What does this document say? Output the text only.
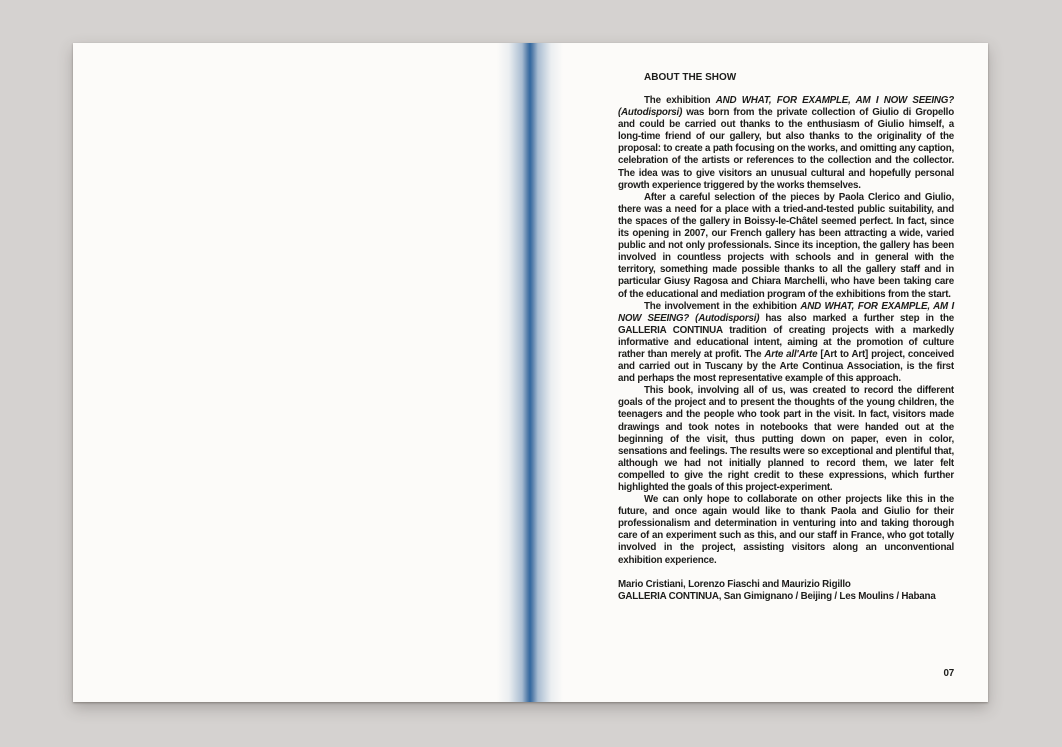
ABOUT THE SHOW

The exhibition AND WHAT, FOR EXAMPLE, AM I NOW SEEING? (Autodisporsi) was born from the private collection of Giulio di Gropello and could be carried out thanks to the enthusiasm of Giulio himself, a long-time friend of our gallery, but also thanks to the originality of the proposal: to create a path focusing on the works, and omitting any caption, celebration of the artists or references to the collection and the collector. The idea was to give visitors an unusual cultural and hopefully personal growth experience triggered by the works themselves.

After a careful selection of the pieces by Paola Clerico and Giulio, there was a need for a place with a tried-and-tested public suitability, and the spaces of the gallery in Boissy-le-Châtel seemed perfect. In fact, since its opening in 2007, our French gallery has been attracting a wide, varied public and not only professionals. Since its inception, the gallery has been involved in countless projects with schools and in general with the territory, something made possible thanks to all the gallery staff and in particular Giusy Ragosa and Chiara Marchelli, who have been taking care of the educational and mediation program of the exhibitions from the start.

The involvement in the exhibition AND WHAT, FOR EXAMPLE, AM I NOW SEEING? (Autodisporsi) has also marked a further step in the GALLERIA CONTINUA tradition of creating projects with a markedly informative and educational intent, aiming at the promotion of culture rather than merely at profit. The Arte all'Arte [Art to Art] project, conceived and carried out in Tuscany by the Arte Continua Association, is the first and perhaps the most representative example of this approach.

This book, involving all of us, was created to record the different goals of the project and to present the thoughts of the young children, the teenagers and the people who took part in the visit. In fact, visitors made drawings and took notes in notebooks that were handed out at the beginning of the visit, thus putting down on paper, even in color, sensations and feelings. The results were so exceptional and plentiful that, although we had not initially planned to record them, we later felt compelled to give the right credit to these expressions, which further highlighted the goals of this project-experiment.

We can only hope to collaborate on other projects like this in the future, and once again would like to thank Paola and Giulio for their professionalism and determination in venturing into and taking thorough care of an experiment such as this, and our staff in France, who got totally involved in the project, assisting visitors along an unconventional exhibition experience.

Mario Cristiani, Lorenzo Fiaschi and Maurizio Rigillo

GALLERIA CONTINUA, San Gimignano / Beijing / Les Moulins / Habana

07
